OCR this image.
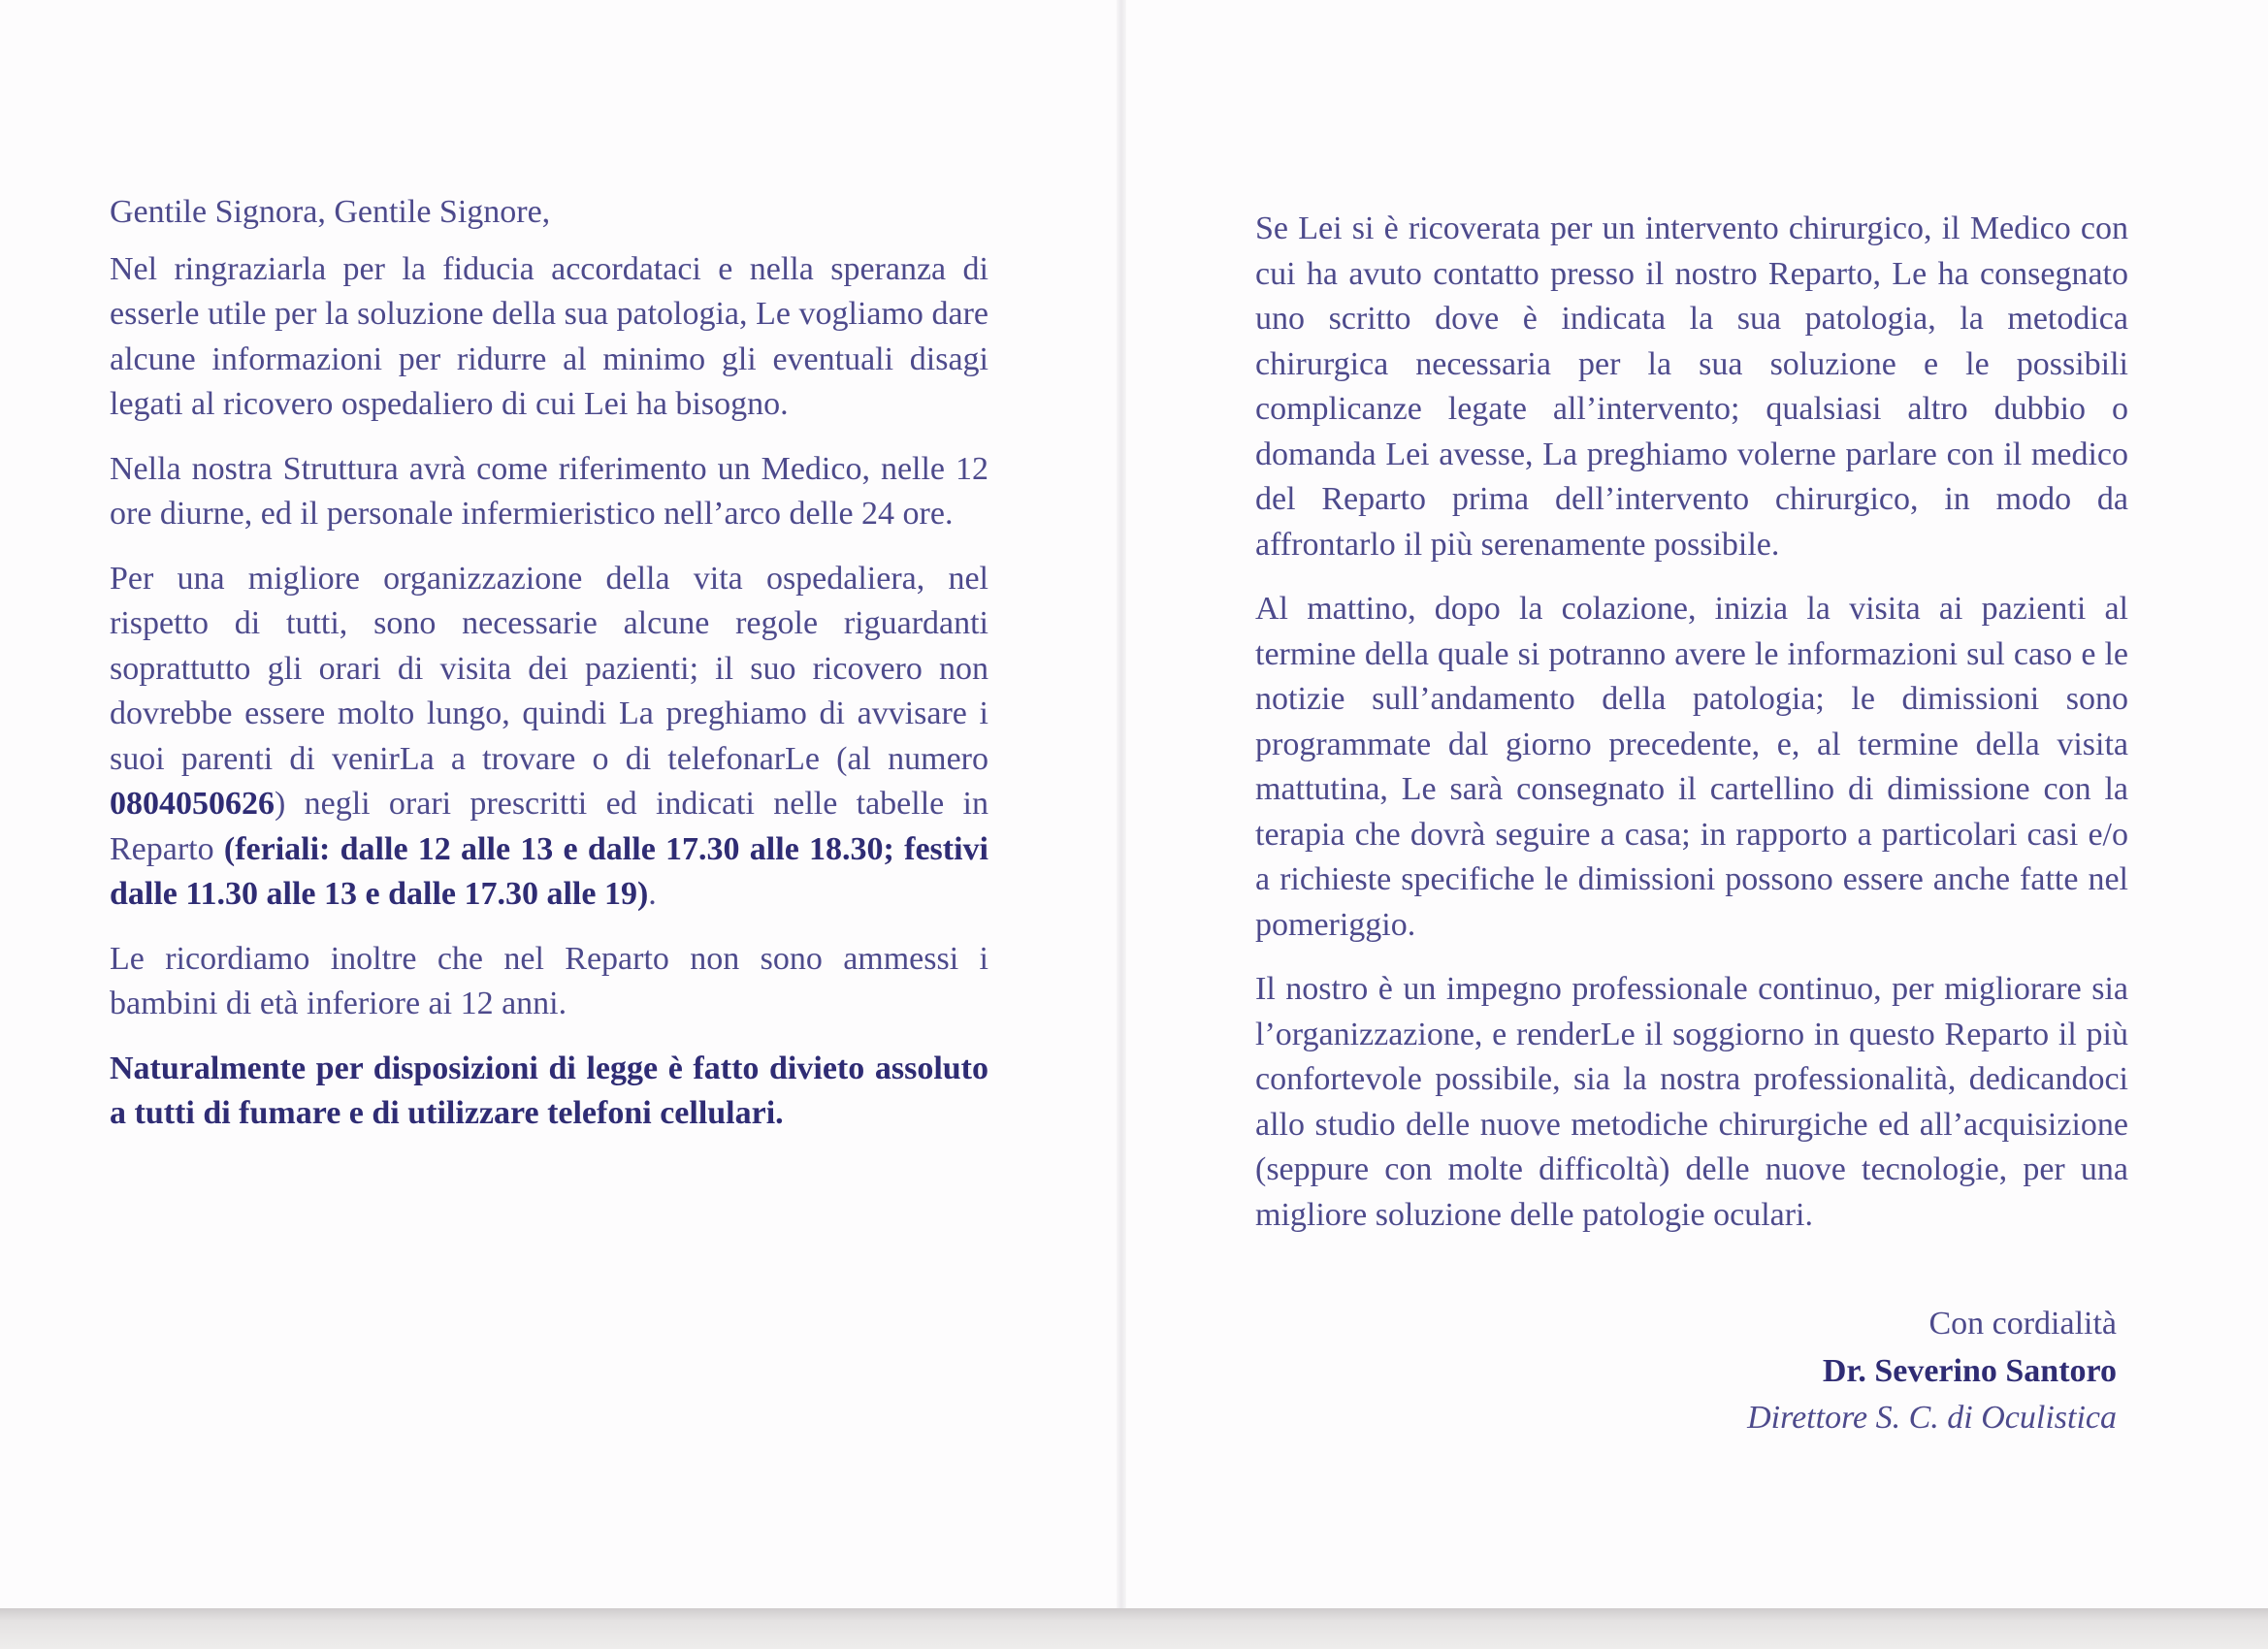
Gentile Signora, Gentile Signore,

Nel ringraziarla per la fiducia accordataci e nella speranza di esserle utile per la soluzione della sua patologia, Le vogliamo dare alcune informazioni per ridurre al minimo gli eventuali disagi legati al ricovero ospedaliero di cui Lei ha bisogno.

Nella nostra Struttura avrà come riferimento un Medico, nelle 12 ore diurne, ed il personale infermieristico nell’arco delle 24 ore.

Per una migliore organizzazione della vita ospedaliera, nel rispetto di tutti, sono necessarie alcune regole riguardanti soprattutto gli orari di visita dei pazienti; il suo ricovero non dovrebbe essere molto lungo, quindi La preghiamo di avvisare i suoi parenti di venirLa a trovare o di telefonarLe (al numero 0804050626) negli orari prescritti ed indicati nelle tabelle in Reparto (feriali: dalle 12 alle 13 e dalle 17.30 alle 18.30; festivi dalle 11.30 alle 13 e dalle 17.30 alle 19).

Le ricordiamo inoltre che nel Reparto non sono ammessi i bambini di età inferiore ai 12 anni.

Naturalmente per disposizioni di legge è fatto divieto assoluto a tutti di fumare e di utilizzare telefoni cellulari.

Se Lei si è ricoverata per un intervento chirurgico, il Medico con cui ha avuto contatto presso il nostro Reparto, Le ha consegnato uno scritto dove è indicata la sua patologia, la metodica chirurgica necessaria per la sua soluzione e le possibili complicanze legate all’intervento; qualsiasi altro dubbio o domanda Lei avesse, La preghiamo volerne parlare con il medico del Reparto prima dell’intervento chirurgico, in modo da affrontarlo il più serenamente possibile.

Al mattino, dopo la colazione, inizia la visita ai pazienti al termine della quale si potranno avere le informazioni sul caso e le notizie sull’andamento della patologia; le dimissioni sono programmate dal giorno precedente, e, al termine della visita mattutina, Le sarà consegnato il cartellino di dimissione con la terapia che dovrà seguire a casa; in rapporto a particolari casi e/o a richieste specifiche le dimissioni possono essere anche fatte nel pomeriggio.

Il nostro è un impegno professionale continuo, per migliorare sia l’organizzazione, e renderLe il soggiorno in questo Reparto il più confortevole possibile, sia la nostra professionalità, dedicandoci allo studio delle nuove metodiche chirurgiche ed all’acquisizione (seppure con molte difficoltà) delle nuove tecnologie, per una migliore soluzione delle patologie oculari.

Con cordialità
Dr. Severino Santoro
Direttore S. C. di Oculistica
